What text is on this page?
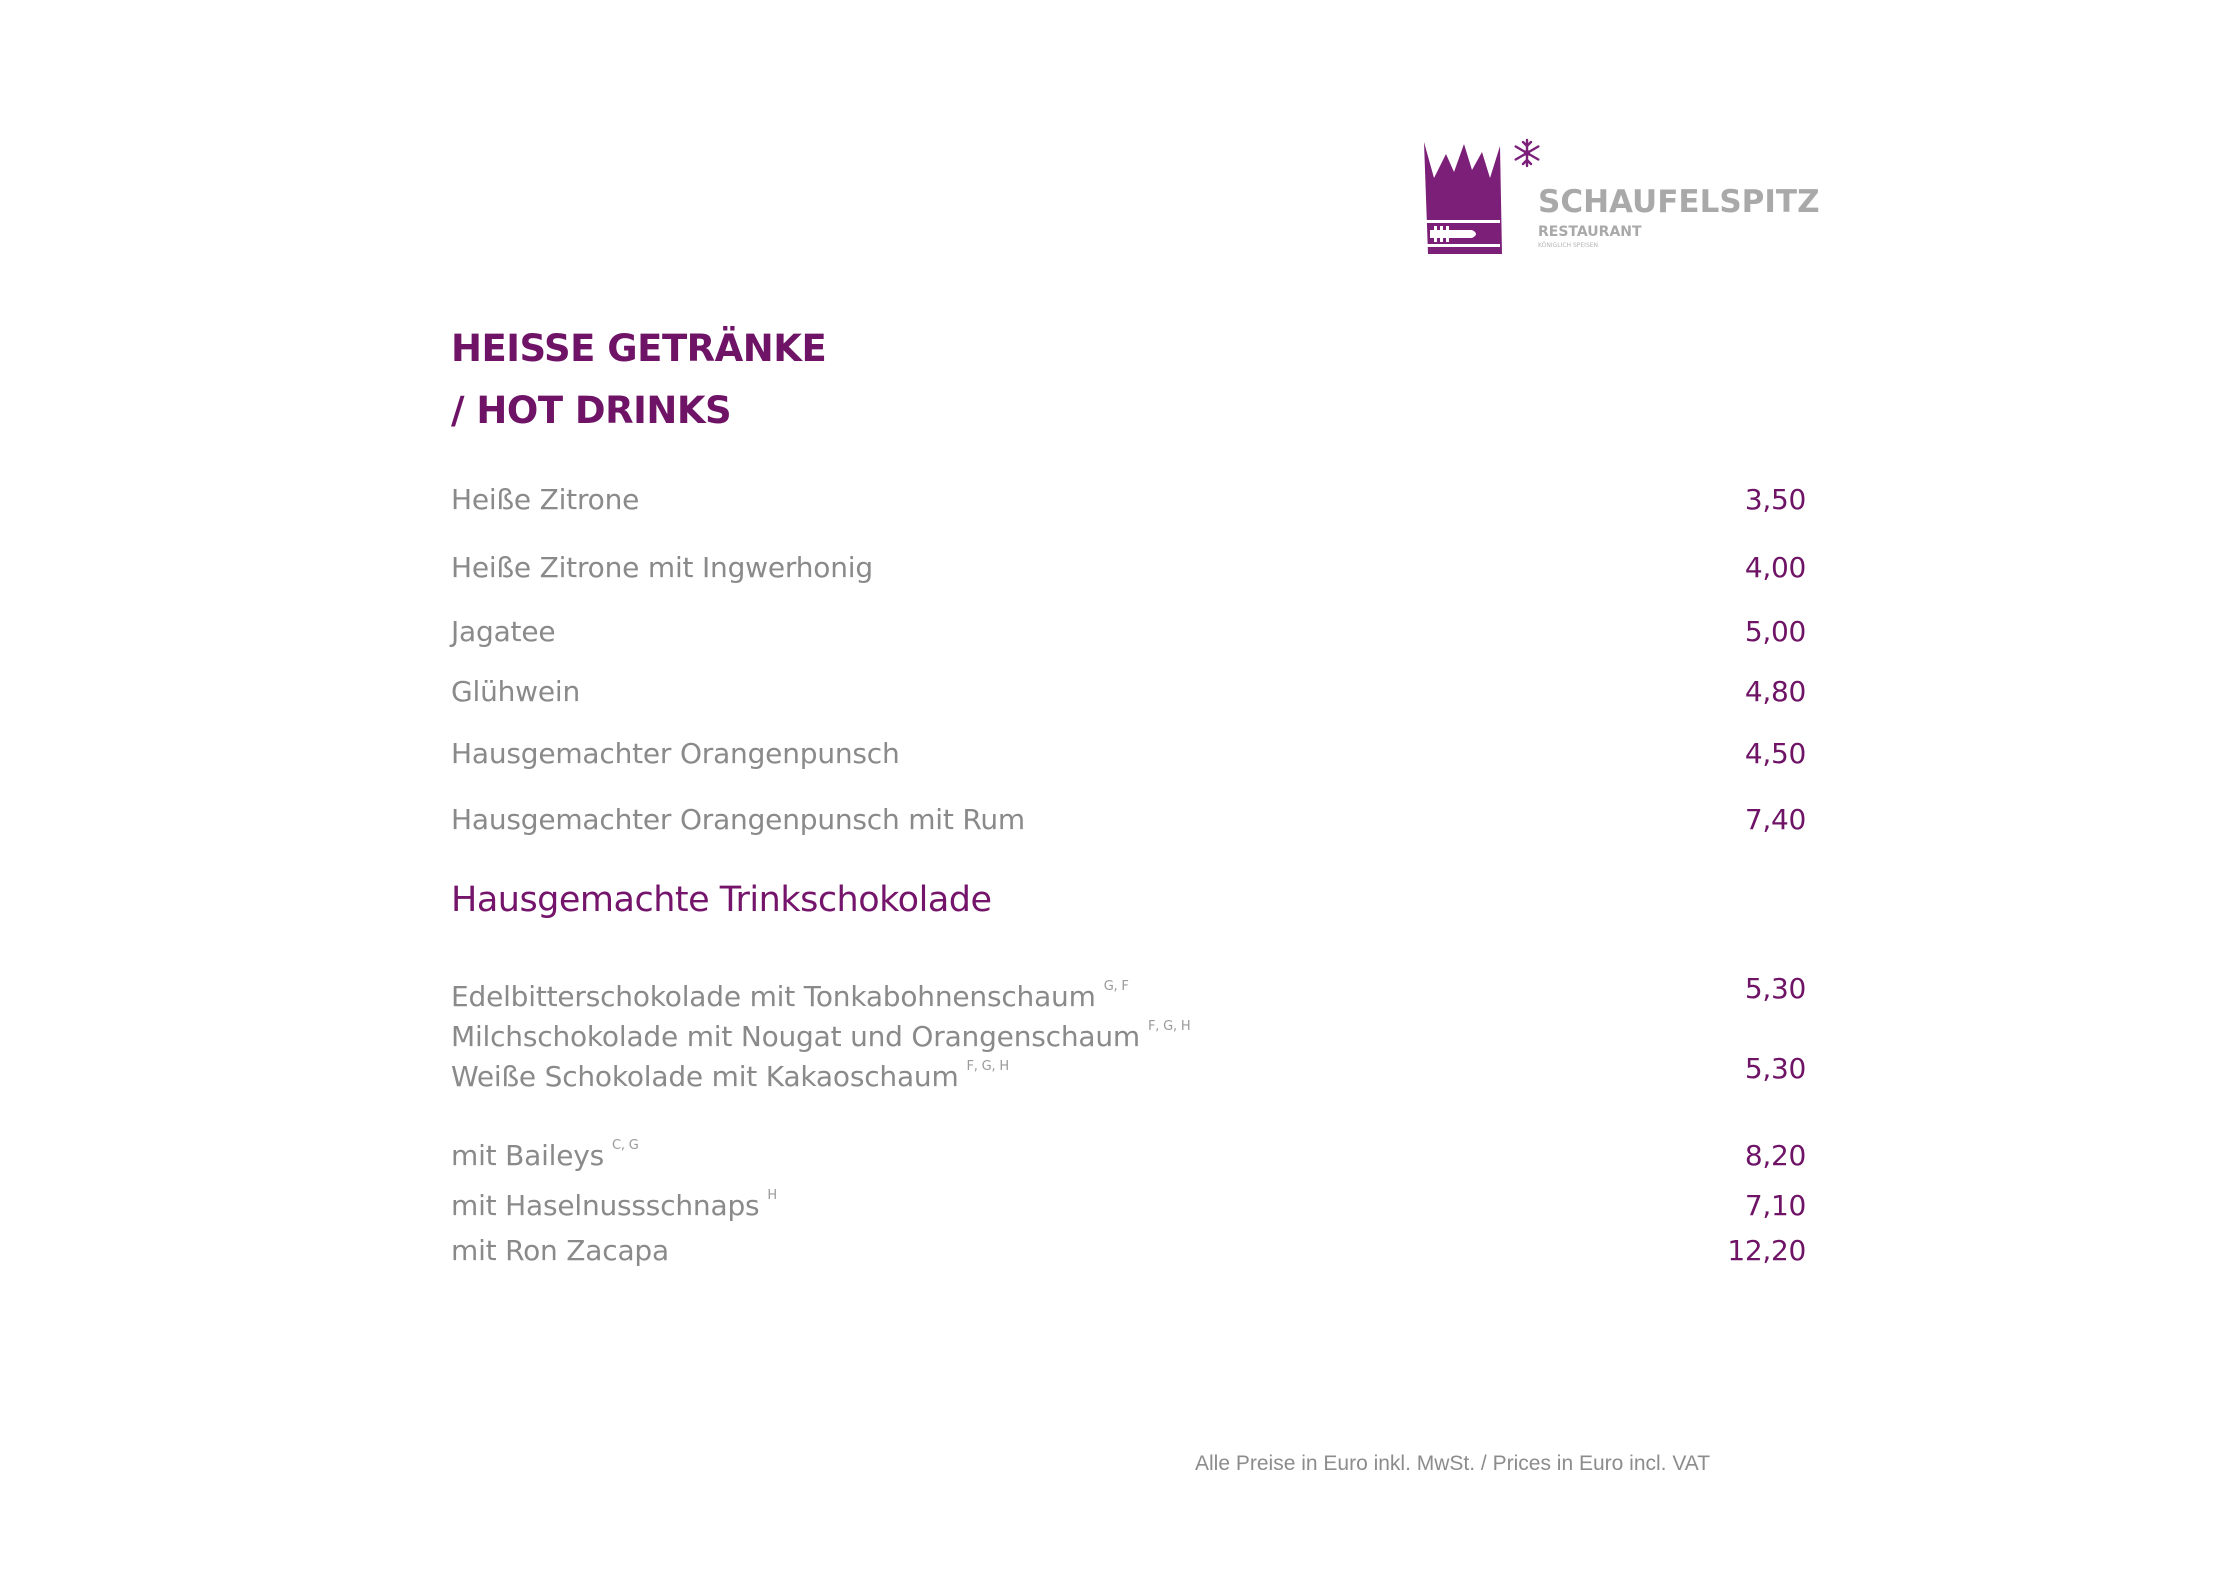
SCHAUFELSPITZ
RESTAURANT
KÖNIGLICH SPEISEN
HEISSE GETRÄNKE
/ HOT DRINKS
Heiße Zitrone	3,50
Heiße Zitrone mit Ingwerhonig	4,00
Jagatee	5,00
Glühwein	4,80
Hausgemachter Orangenpunsch	4,50
Hausgemachter Orangenpunsch mit Rum	7,40
Hausgemachte Trinkschokolade
Edelbitterschokolade mit Tonkabohnenschaum $^{G, F}$	5,30
Milchschokolade mit Nougat und Orangenschaum $^{F, G, H}$
Weiße Schokolade mit Kakaoschaum $^{F, G, H}$	5,30
mit Baileys $^{C, G}$	8,20
mit Haselnussschnaps $^H$	7,10
mit Ron Zacapa	12,20
Alle Preise in Euro inkl. MwSt. / Prices in Euro incl. VAT
